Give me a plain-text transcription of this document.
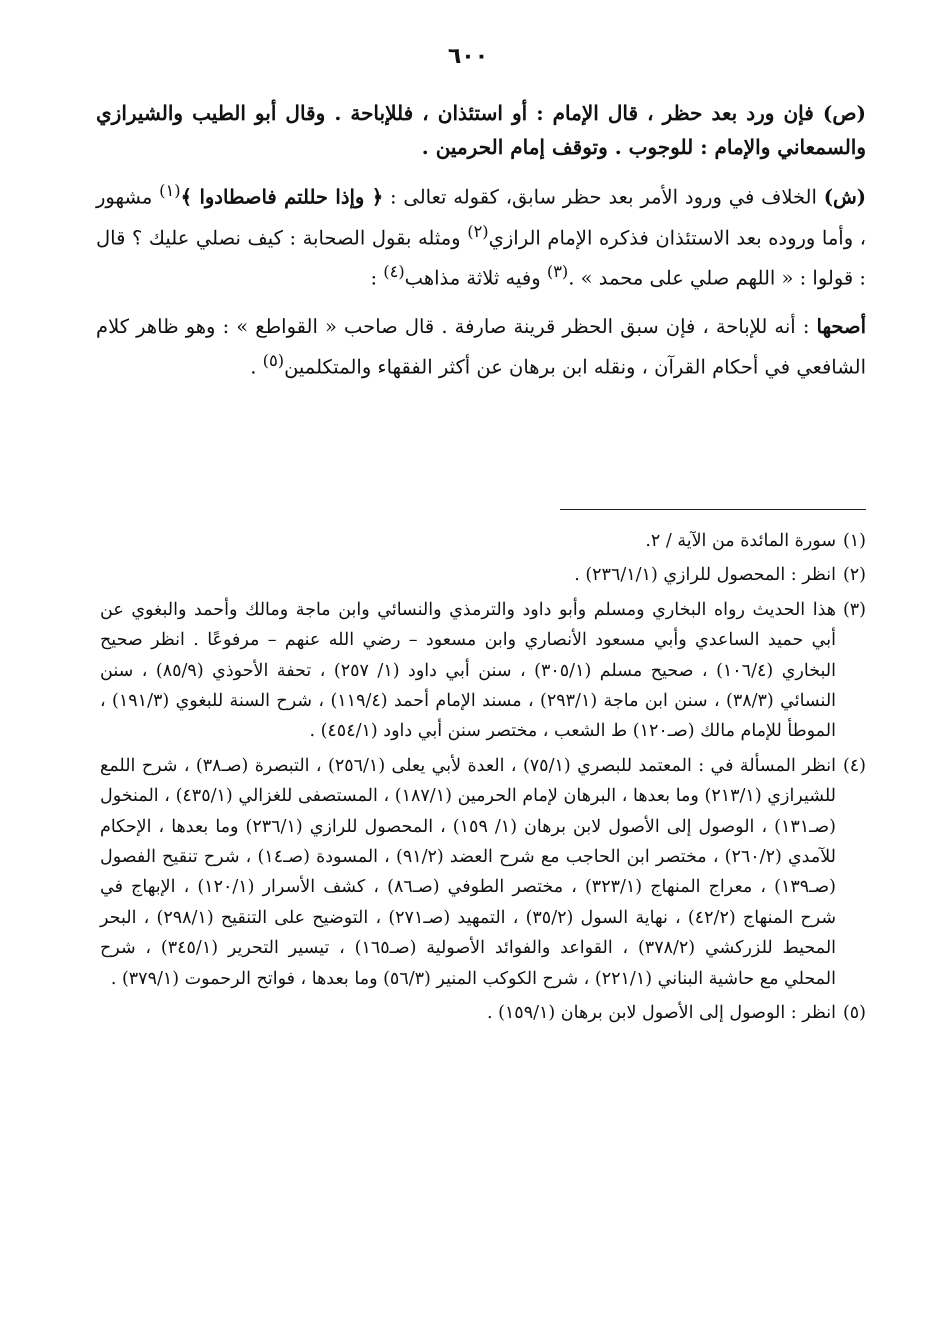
٦٠٠

(ص) فإن ورد بعد حظر ، قال الإمام : أو استئذان ، فللإباحة . وقال أبو الطيب والشيرازي والسمعاني والإمام : للوجوب . وتوقف إمام الحرمين .

(ش) الخلاف في ورود الأمر بعد حظر سابق، كقوله تعالى : ﴿ وإذا حللتم فاصطادوا ﴾$^{(١)}$ مشهور ، وأما وروده بعد الاستئذان فذكره الإمام الرازي$^{(٢)}$ ومثله بقول الصحابة : كيف نصلي عليك ؟ قال : قولوا : « اللهم صلي على محمد » .$^{(٣)}$ وفيه ثلاثة مذاهب$^{(٤)}$ :

أصحها : أنه للإباحة ، فإن سبق الحظر قرينة صارفة . قال صاحب « القواطع » : وهو ظاهر كلام الشافعي في أحكام القرآن ، ونقله ابن برهان عن أكثر الفقهاء والمتكلمين$^{(٥)}$ .

(١)سورة المائدة من الآية / ٢.

(٢)انظر : المحصول للرازي (٢٣٦/١/١) .

(٣)هذا الحديث رواه البخاري ومسلم وأبو داود والترمذي والنسائي وابن ماجة ومالك وأحمد والبغوي عن أبي حميد الساعدي وأبي مسعود الأنصاري وابن مسعود – رضي الله عنهم – مرفوعًا . انظر صحيح البخاري (١٠٦/٤) ، صحيح مسلم (٣٠٥/١) ، سنن أبي داود (١/ ٢٥٧) ، تحفة الأحوذي (٨٥/٩) ، سنن النسائي (٣٨/٣) ، سنن ابن ماجة (٢٩٣/١) ، مسند الإمام أحمد (١١٩/٤) ، شرح السنة للبغوي (١٩١/٣) ، الموطأ للإمام مالك (صـ١٢٠) ط الشعب ، مختصر سنن أبي داود (٤٥٤/١) .

(٤)انظر المسألة في : المعتمد للبصري (٧٥/١) ، العدة لأبي يعلى (٢٥٦/١) ، التبصرة (صـ٣٨) ، شرح اللمع للشيرازي (٢١٣/١) وما بعدها ، البرهان لإمام الحرمين (١٨٧/١) ، المستصفى للغزالي (٤٣٥/١) ، المنخول (صـ١٣١) ، الوصول إلى الأصول لابن برهان (١/ ١٥٩) ، المحصول للرازي (٢٣٦/١) وما بعدها ، الإحكام للآمدي (٢٦٠/٢) ، مختصر ابن الحاجب مع شرح العضد (٩١/٢) ، المسودة (صـ١٤) ، شرح تنقيح الفصول (صـ١٣٩) ، معراج المنهاج (٣٢٣/١) ، مختصر الطوفي (صـ٨٦) ، كشف الأسرار (١٢٠/١) ، الإبهاج في شرح المنهاج (٤٢/٢) ، نهاية السول (٣٥/٢) ، التمهيد (صـ٢٧١) ، التوضيح على التنقيح (٢٩٨/١) ، البحر المحيط للزركشي (٣٧٨/٢) ، القواعد والفوائد الأصولية (صـ١٦٥) ، تيسير التحرير (٣٤٥/١) ، شرح المحلي مع حاشية البناني (٢٢١/١) ، شرح الكوكب المنير (٥٦/٣) وما بعدها ، فواتح الرحموت (٣٧٩/١) .

(٥)انظر : الوصول إلى الأصول لابن برهان (١٥٩/١) .
